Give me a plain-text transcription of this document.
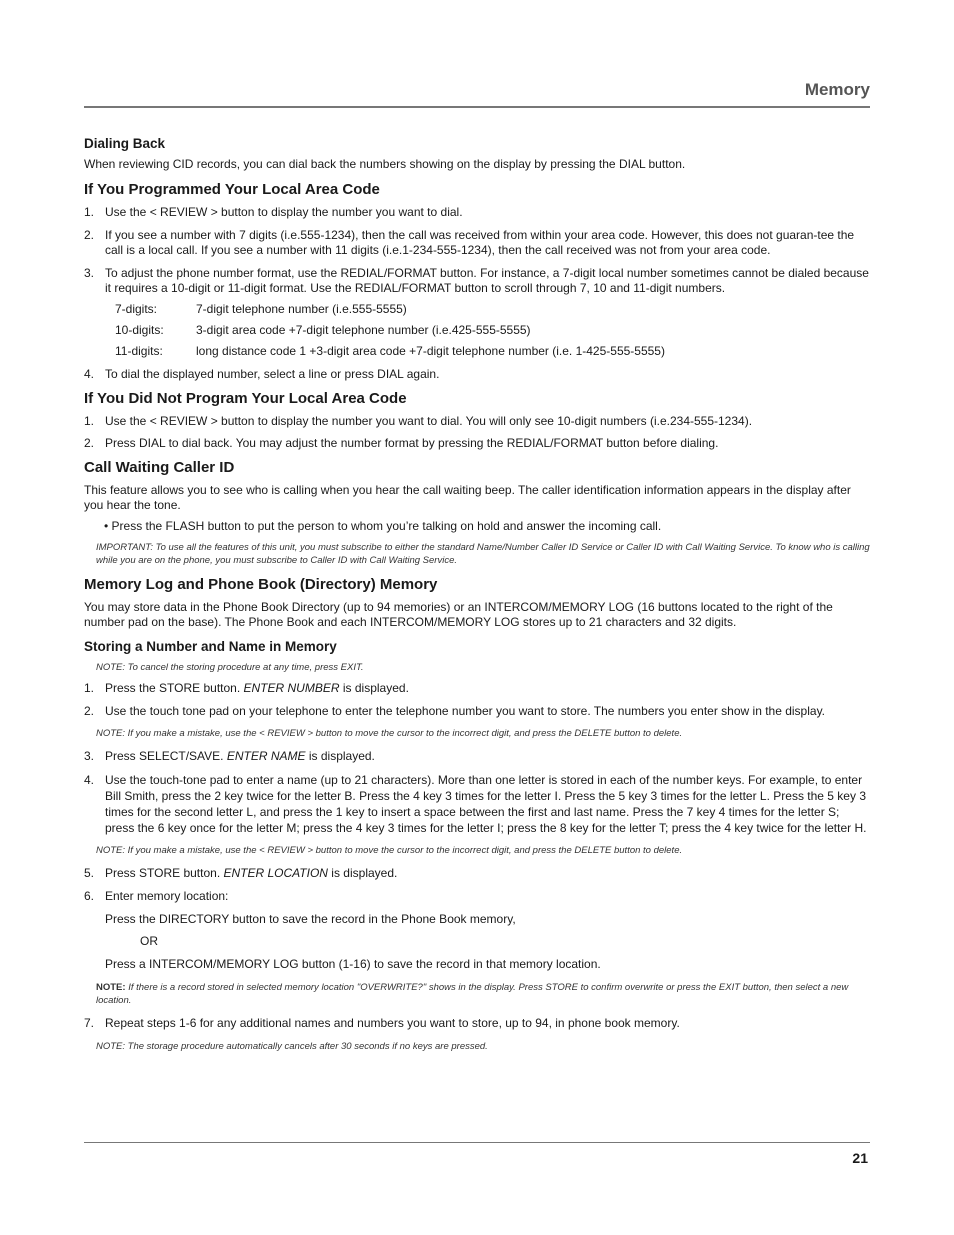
Memory
Dialing Back

When reviewing CID records, you can dial back the numbers showing on the display by pressing the DIAL button.

If You Programmed Your Local Area Code
1. Use the < REVIEW > button to display the number you want to dial.
2. If you see a number with 7 digits (i.e.555-1234), then the call was received from within your area code. However, this does not guaran-tee the call is a local call. If you see a number with 11 digits (i.e.1-234-555-1234), then the call received was not from your area code.
3. To adjust the phone number format, use the REDIAL/FORMAT button. For instance, a 7-digit local number sometimes cannot be dialed because it requires a 10-digit or 11-digit format. Use the REDIAL/FORMAT button to scroll through 7, 10 and 11-digit numbers.
7-digits:	7-digit telephone number (i.e.555-5555)
10-digits:	3-digit area code +7-digit telephone number (i.e.425-555-5555)
11-digits:	long distance code 1 +3-digit area code +7-digit telephone number (i.e. 1-425-555-5555)
4. To dial the displayed number, select a line or press DIAL again.
If You Did Not Program Your Local Area Code
1. Use the < REVIEW > button to display the number you want to dial. You will only see 10-digit numbers (i.e.234-555-1234).
2. Press DIAL to dial back. You may adjust the number format by pressing the REDIAL/FORMAT button before dialing.
Call Waiting Caller ID

This feature allows you to see who is calling when you hear the call waiting beep. The caller identification information appears in the display after you hear the tone.

• Press the FLASH button to put the person to whom you’re talking on hold and answer the incoming call.

IMPORTANT: To use all the features of this unit, you must subscribe to either the standard Name/Number Caller ID Service or Caller ID with Call Waiting Service. To know who is calling while you are on the phone, you must subscribe to Caller ID with Call Waiting Service.

Memory Log and Phone Book (Directory) Memory

You may store data in the Phone Book Directory (up to 94 memories) or an INTERCOM/MEMORY LOG (16 buttons located to the right of the number pad on the base). The Phone Book and each INTERCOM/MEMORY LOG stores up to 21 characters and 32 digits.

Storing a Number and Name in Memory

NOTE: To cancel the storing procedure at any time, press EXIT.

1. Press the STORE button. ENTER NUMBER is displayed.
2. Use the touch tone pad on your telephone to enter the telephone number you want to store. The numbers you enter show in the display.

NOTE: If you make a mistake, use the < REVIEW > button to move the cursor to the incorrect digit, and press the DELETE button to delete.

3. Press SELECT/SAVE. ENTER NAME is displayed.
4. Use the touch-tone pad to enter a name (up to 21 characters). More than one letter is stored in each of the number keys. For example, to enter Bill Smith, press the 2 key twice for the letter B. Press the 4 key 3 times for the letter I. Press the 5 key 3 times for the letter L. Press the 5 key 3 times for the second letter L, and press the 1 key to insert a space between the first and last name. Press the 7 key 4 times for the letter S; press the 6 key once for the letter M; press the 4 key 3 times for the letter I; press the 8 key for the letter T; press the 4 key twice for the letter H.

NOTE: If you make a mistake, use the < REVIEW > button to move the cursor to the incorrect digit, and press the DELETE button to delete.

5. Press STORE button. ENTER LOCATION is displayed.
6. Enter memory location:

Press the DIRECTORY button to save the record in the Phone Book memory,

OR

Press a INTERCOM/MEMORY LOG button (1-16) to save the record in that memory location.

NOTE: If there is a record stored in selected memory location "OVERWRITE?" shows in the display. Press STORE to confirm overwrite or press the EXIT button, then select a new location.

7. Repeat steps 1-6 for any additional names and numbers you want to store, up to 94, in phone book memory.

NOTE: The storage procedure automatically cancels after 30 seconds if no keys are pressed.

21
